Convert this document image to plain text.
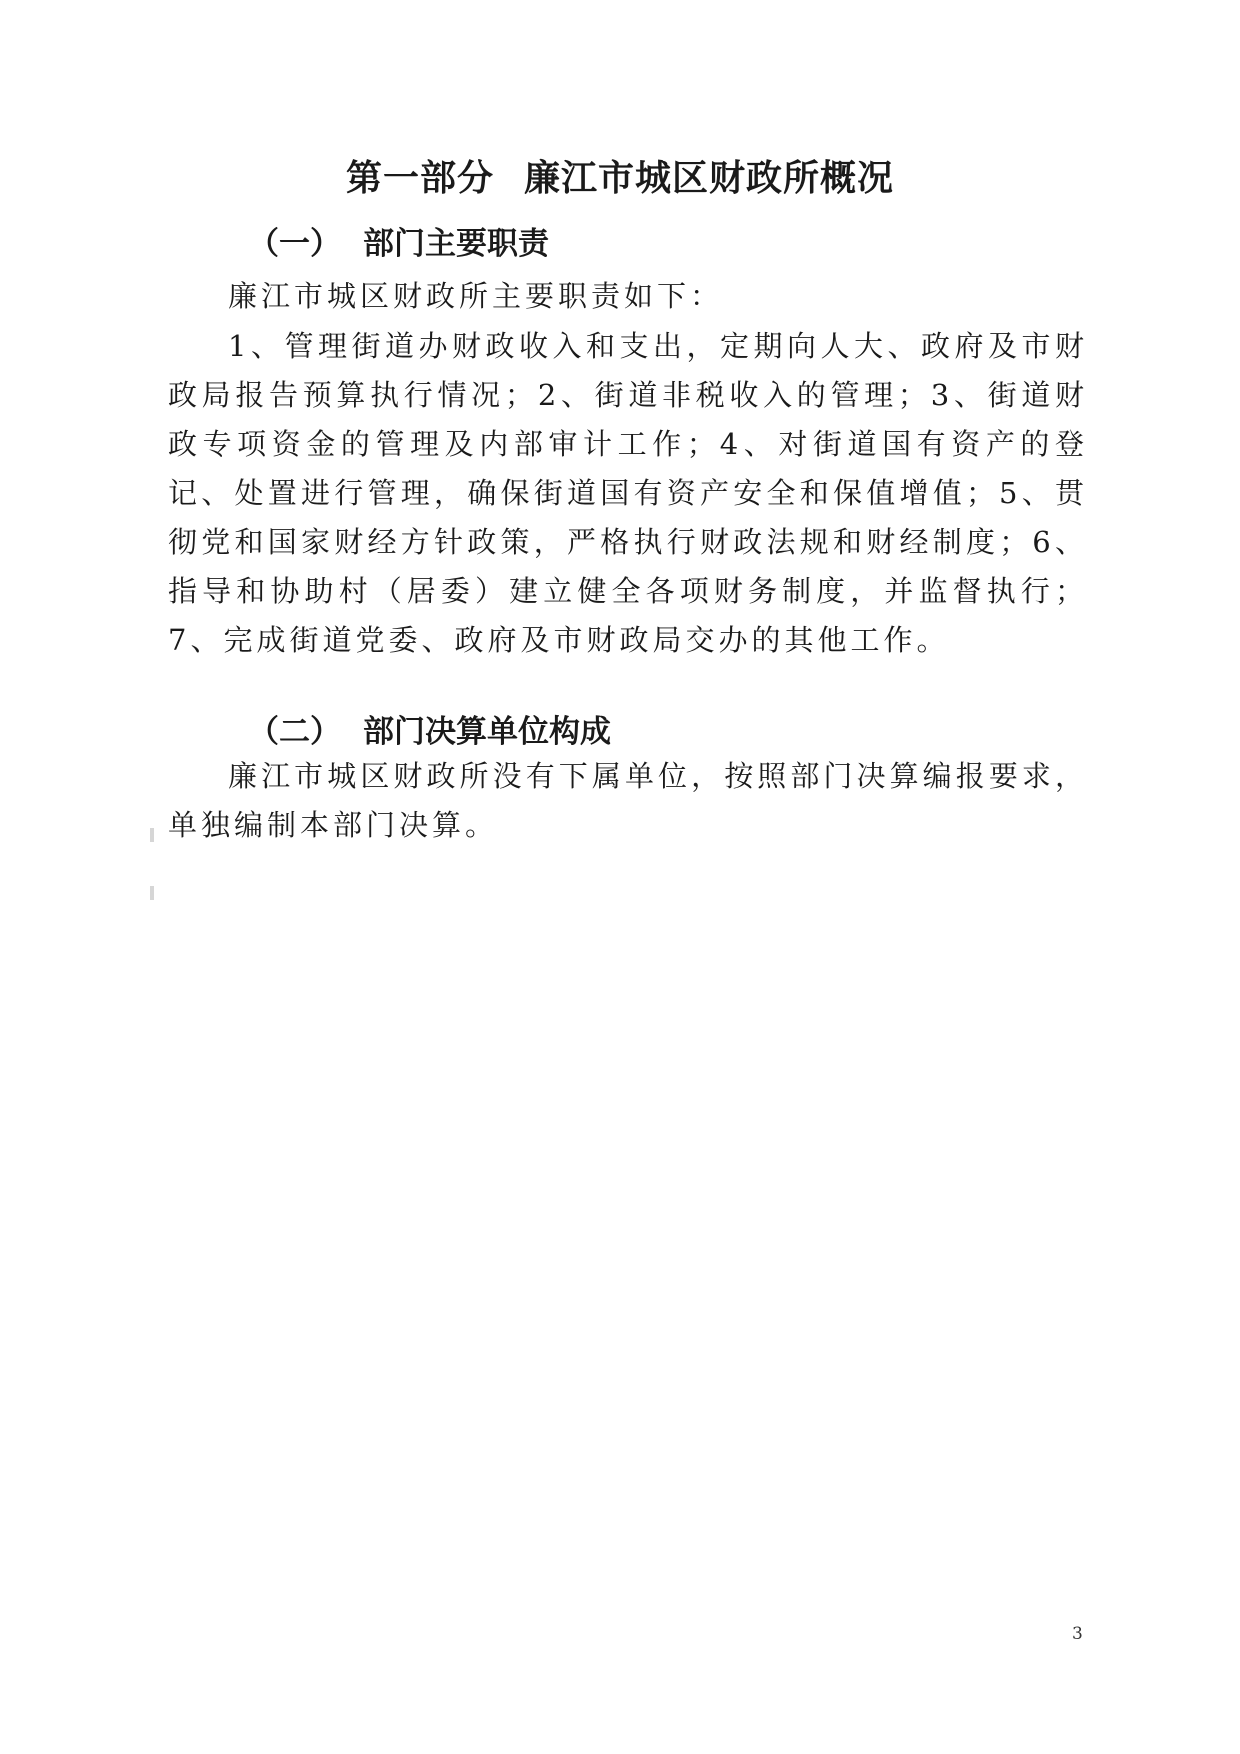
第一部分 廉江市城区财政所概况
（一） 部门主要职责

廉江市城区财政所主要职责如下：

1、管理街道办财政收入和支出，定期向人大、政府及市财政局报告预算执行情况；2、街道非税收入的管理；3、街道财政专项资金的管理及内部审计工作；4、对街道国有资产的登记、处置进行管理，确保街道国有资产安全和保值增值；5、贯彻党和国家财经方针政策，严格执行财政法规和财经制度；6、指导和协助村（居委）建立健全各项财务制度，并监督执行；7、完成街道党委、政府及市财政局交办的其他工作。

（二） 部门决算单位构成

廉江市城区财政所没有下属单位，按照部门决算编报要求，单独编制本部门决算。

3
